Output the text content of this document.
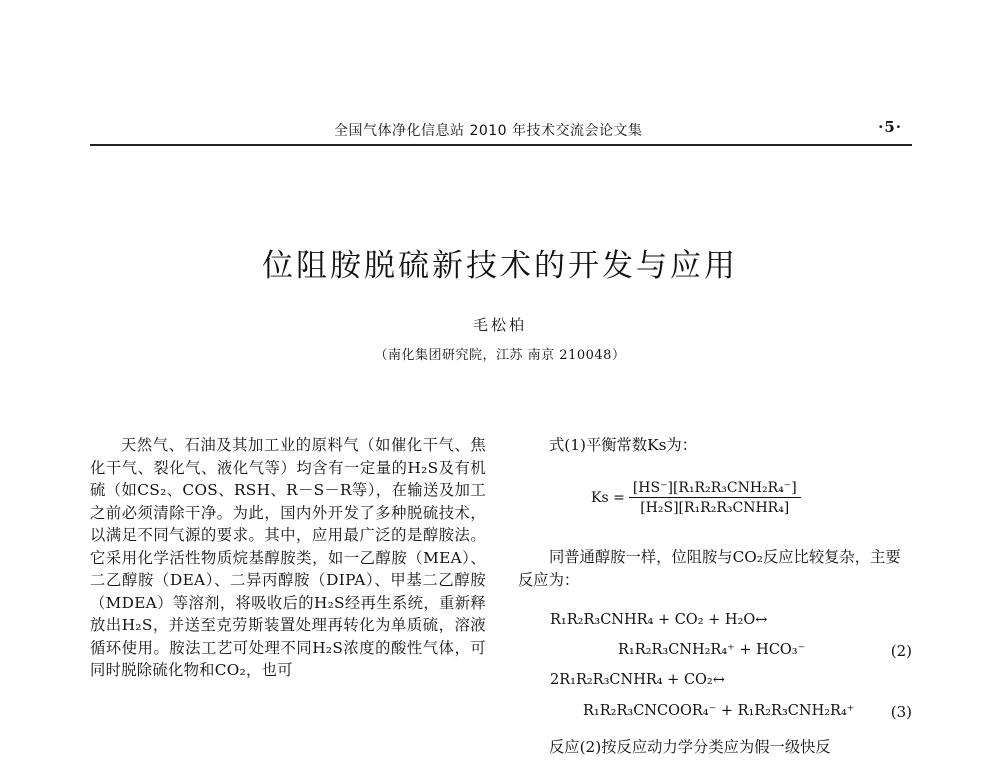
全国气体净化信息站 2010 年技术交流会论文集	·5·
位阻胺脱硫新技术的开发与应用
毛松柏
（南化集团研究院，江苏 南京 210048）

天然气、石油及其加工业的原料气（如催化干气、焦化干气、裂化气、液化气等）均含有一定量的H₂S及有机硫（如CS₂、COS、RSH、R－S－R等），在输送及加工之前必须清除干净。为此，国内外开发了多种脱硫技术，以满足不同气源的要求。其中，应用最广泛的是醇胺法。它采用化学活性物质烷基醇胺类，如一乙醇胺（MEA）、二乙醇胺（DEA）、二异丙醇胺（DIPA）、甲基二乙醇胺（MDEA）等溶剂，将吸收后的H₂S经再生系统，重新释放出H₂S，并送至克劳斯装置处理再转化为单质硫，溶液循环使用。胺法工艺可处理不同H₂S浓度的酸性气体，可同时脱除硫化物和CO₂，也可

式(1)平衡常数Ks为：
$Ks = \frac{\text{[HS⁻][R₁R₂R₃CNH₂R₄⁻]}}{\text{[H₂S][R₁R₂R₃CNHR₄]}}$

同普通醇胺一样，位阻胺与CO₂反应比较复杂，主要反应为：

R₁R₂R₃CNHR₄ + CO₂ + H₂O↔
R₁R₂R₃CNH₂R₄⁺ + HCO₃⁻	(2)
2R₁R₂R₃CNHR₄ + CO₂↔
R₁R₂R₃CNCOOR₄⁻ + R₁R₂R₃CNH₂R₄⁺ (3)
反应(2)按反应动力学分类应为假一级快反
